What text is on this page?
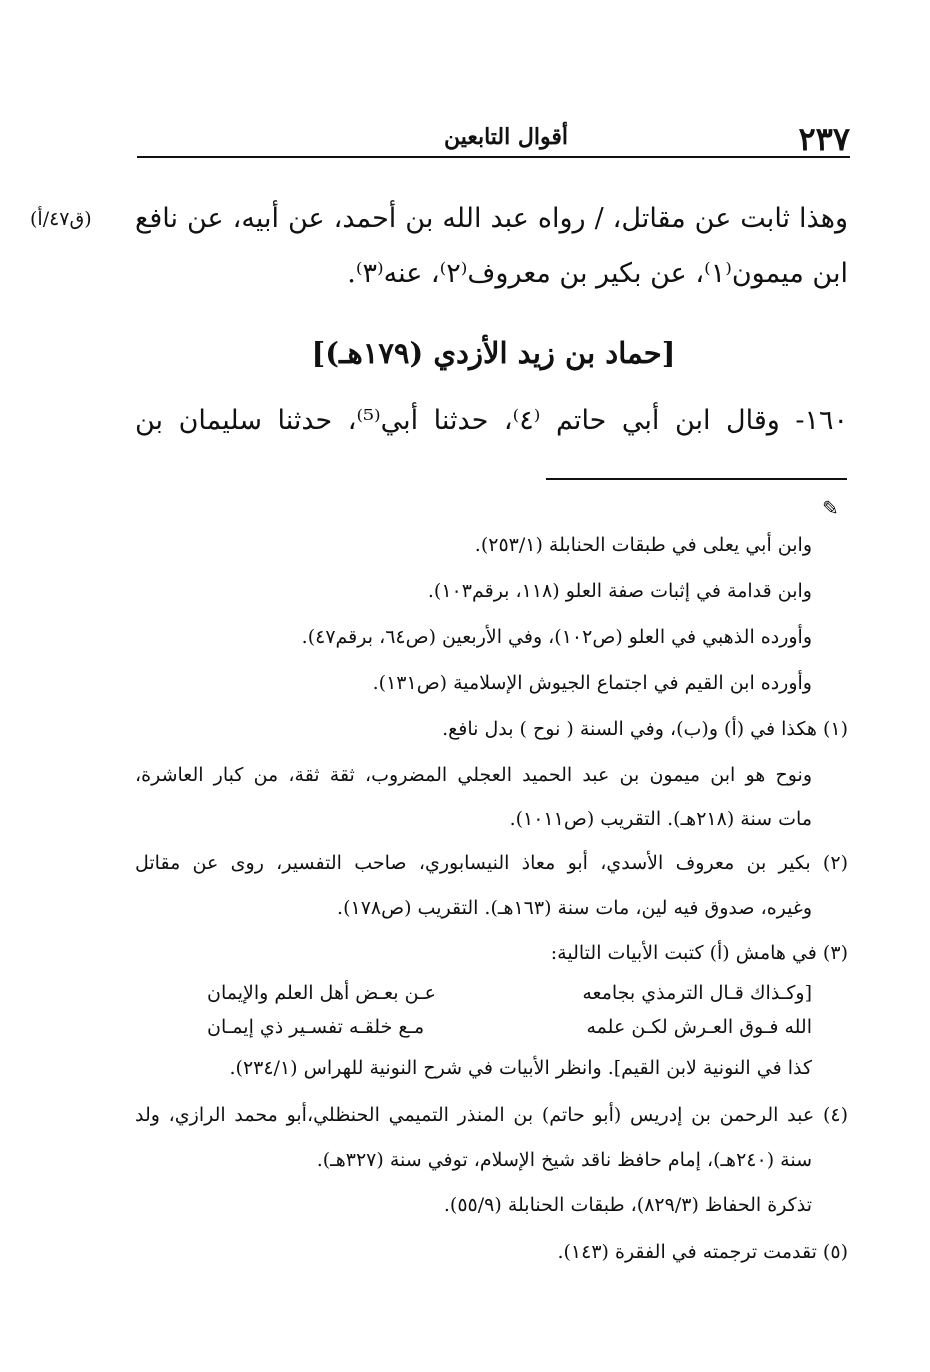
٢٣٧
أقوال التابعين
(ق٤٧/أ) وهذا ثابت عن مقاتل، / رواه عبد الله بن أحمد، عن أبيه، عن نافع
ابن ميمون⁽١⁾، عن بكير بن معروف⁽٢⁾، عنه⁽٣⁾.
[حماد بن زيد الأزدي (١٧٩هـ)]
١٦٠- وقال ابن أبي حاتم ⁽٤⁾، حدثنا أبي⁽⁵⁾، حدثنا سليمان بن
✎
وابن أبي يعلى في طبقات الحنابلة (٢٥٣/١).
وابن قدامة في إثبات صفة العلو (١١٨، برقم١٠٣).
وأورده الذهبي في العلو (ص١٠٢)، وفي الأربعين (ص٦٤، برقم٤٧).
وأورده ابن القيم في اجتماع الجيوش الإسلامية (ص١٣١).
(١) هكذا في (أ) و(ب)، وفي السنة ( نوح ) بدل نافع.
ونوح هو ابن ميمون بن عبد الحميد العجلي المضروب، ثقة ثقة، من كبار العاشرة،
مات سنة (٢١٨هـ). التقريب (ص١٠١١).
(٢) بكير بن معروف الأسدي، أبو معاذ النيسابوري، صاحب التفسير، روى عن مقاتل
وغيره، صدوق فيه لين، مات سنة (١٦٣هـ). التقريب (ص١٧٨).
(٣) في هامش (أ) كتبت الأبيات التالية:
[وكـذاك قـال الترمذي بجامعه
عـن بعـض أهل العلم والإيمان
الله فـوق العـرش لكـن علمه
مـع خلقـه تفسـير ذي إيمـان
كذا في النونية لابن القيم]. وانظر الأبيات في شرح النونية للهراس (٢٣٤/١).
(٤) عبد الرحمن بن إدريس (أبو حاتم) بن المنذر التميمي الحنظلي،أبو محمد الرازي، ولد
سنة (٢٤٠هـ)، إمام حافظ ناقد شيخ الإسلام، توفي سنة (٣٢٧هـ).
تذكرة الحفاظ (٨٢٩/٣)، طبقات الحنابلة (٥٥/٩).
(٥) تقدمت ترجمته في الفقرة (١٤٣).
